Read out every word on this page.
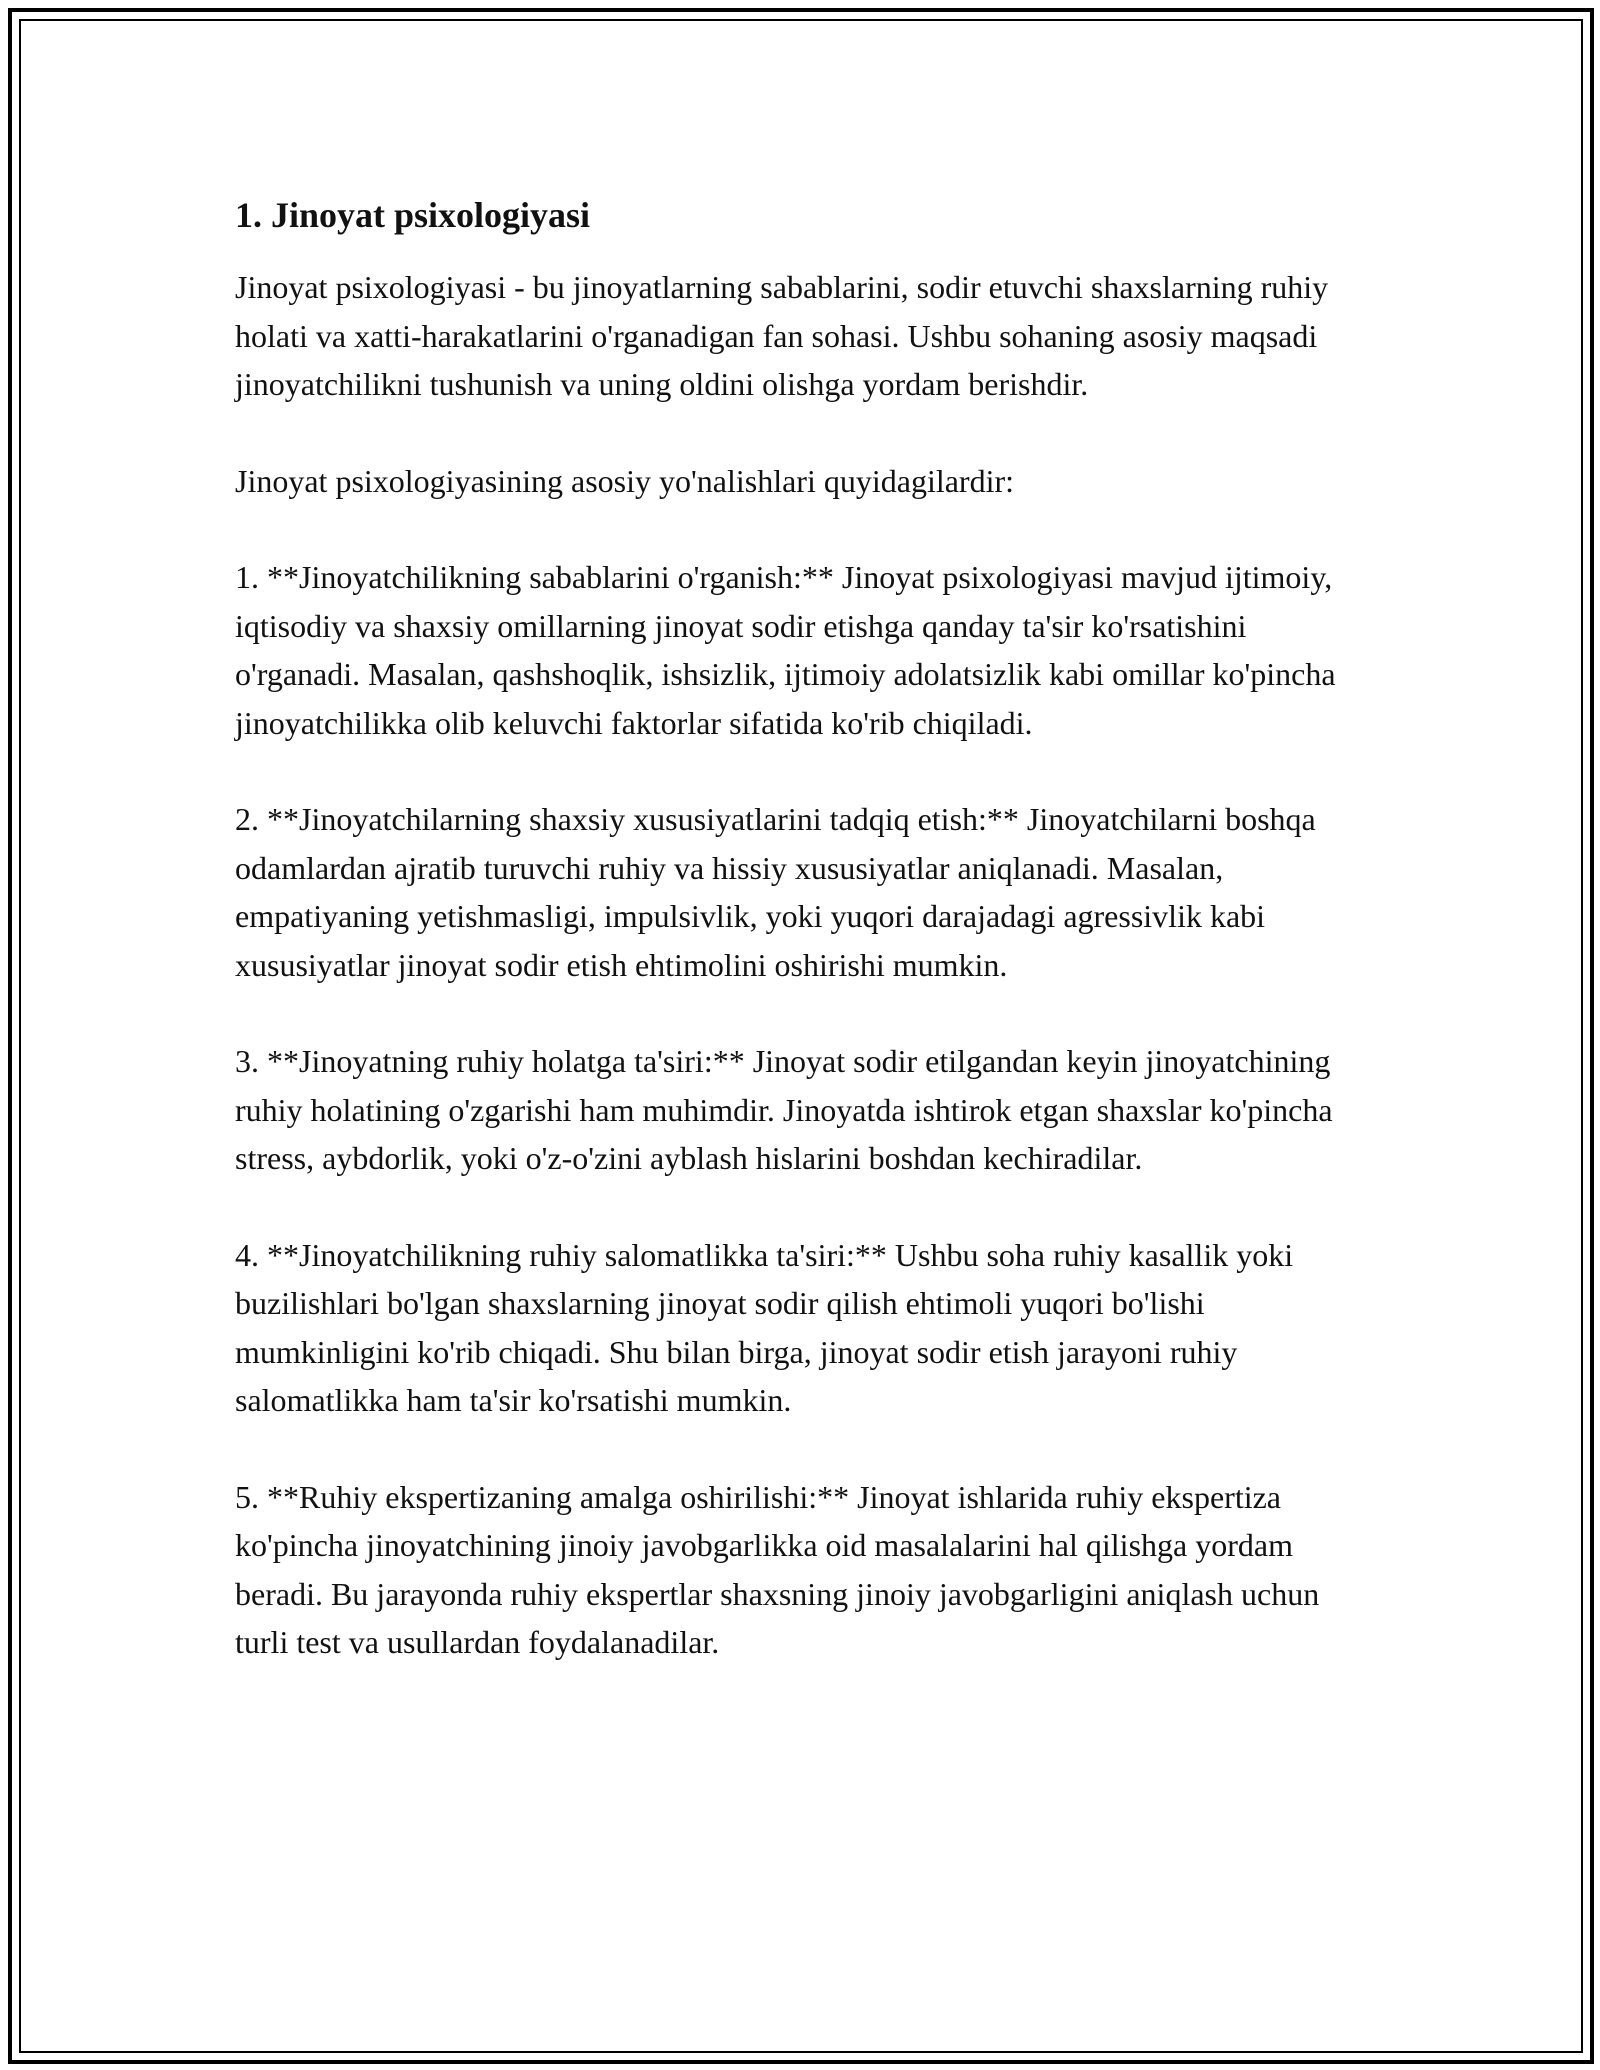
1. Jinoyat psixologiyasi

Jinoyat psixologiyasi - bu jinoyatlarning sabablarini, sodir etuvchi shaxslarning ruhiy holati va xatti-harakatlarini o'rganadigan fan sohasi. Ushbu sohaning asosiy maqsadi jinoyatchilikni tushunish va uning oldini olishga yordam berishdir.

Jinoyat psixologiyasining asosiy yo'nalishlari quyidagilardir:

1. **Jinoyatchilikning sabablarini o'rganish:** Jinoyat psixologiyasi mavjud ijtimoiy, iqtisodiy va shaxsiy omillarning jinoyat sodir etishga qanday ta'sir ko'rsatishini o'rganadi. Masalan, qashshoqlik, ishsizlik, ijtimoiy adolatsizlik kabi omillar ko'pincha jinoyatchilikka olib keluvchi faktorlar sifatida ko'rib chiqiladi.

2. **Jinoyatchilarning shaxsiy xususiyatlarini tadqiq etish:** Jinoyatchilarni boshqa odamlardan ajratib turuvchi ruhiy va hissiy xususiyatlar aniqlanadi. Masalan, empatiyaning yetishmasligi, impulsivlik, yoki yuqori darajadagi agressivlik kabi xususiyatlar jinoyat sodir etish ehtimolini oshirishi mumkin.

3. **Jinoyatning ruhiy holatga ta'siri:** Jinoyat sodir etilgandan keyin jinoyatchining ruhiy holatining o'zgarishi ham muhimdir. Jinoyatda ishtirok etgan shaxslar ko'pincha stress, aybdorlik, yoki o'z-o'zini ayblash hislarini boshdan kechiradilar.

4. **Jinoyatchilikning ruhiy salomatlikka ta'siri:** Ushbu soha ruhiy kasallik yoki buzilishlari bo'lgan shaxslarning jinoyat sodir qilish ehtimoli yuqori bo'lishi mumkinligini ko'rib chiqadi. Shu bilan birga, jinoyat sodir etish jarayoni ruhiy salomatlikka ham ta'sir ko'rsatishi mumkin.

5. **Ruhiy ekspertizaning amalga oshirilishi:** Jinoyat ishlarida ruhiy ekspertiza ko'pincha jinoyatchining jinoiy javobgarlikka oid masalalarini hal qilishga yordam beradi. Bu jarayonda ruhiy ekspertlar shaxsning jinoiy javobgarligini aniqlash uchun turli test va usullardan foydalanadilar.
